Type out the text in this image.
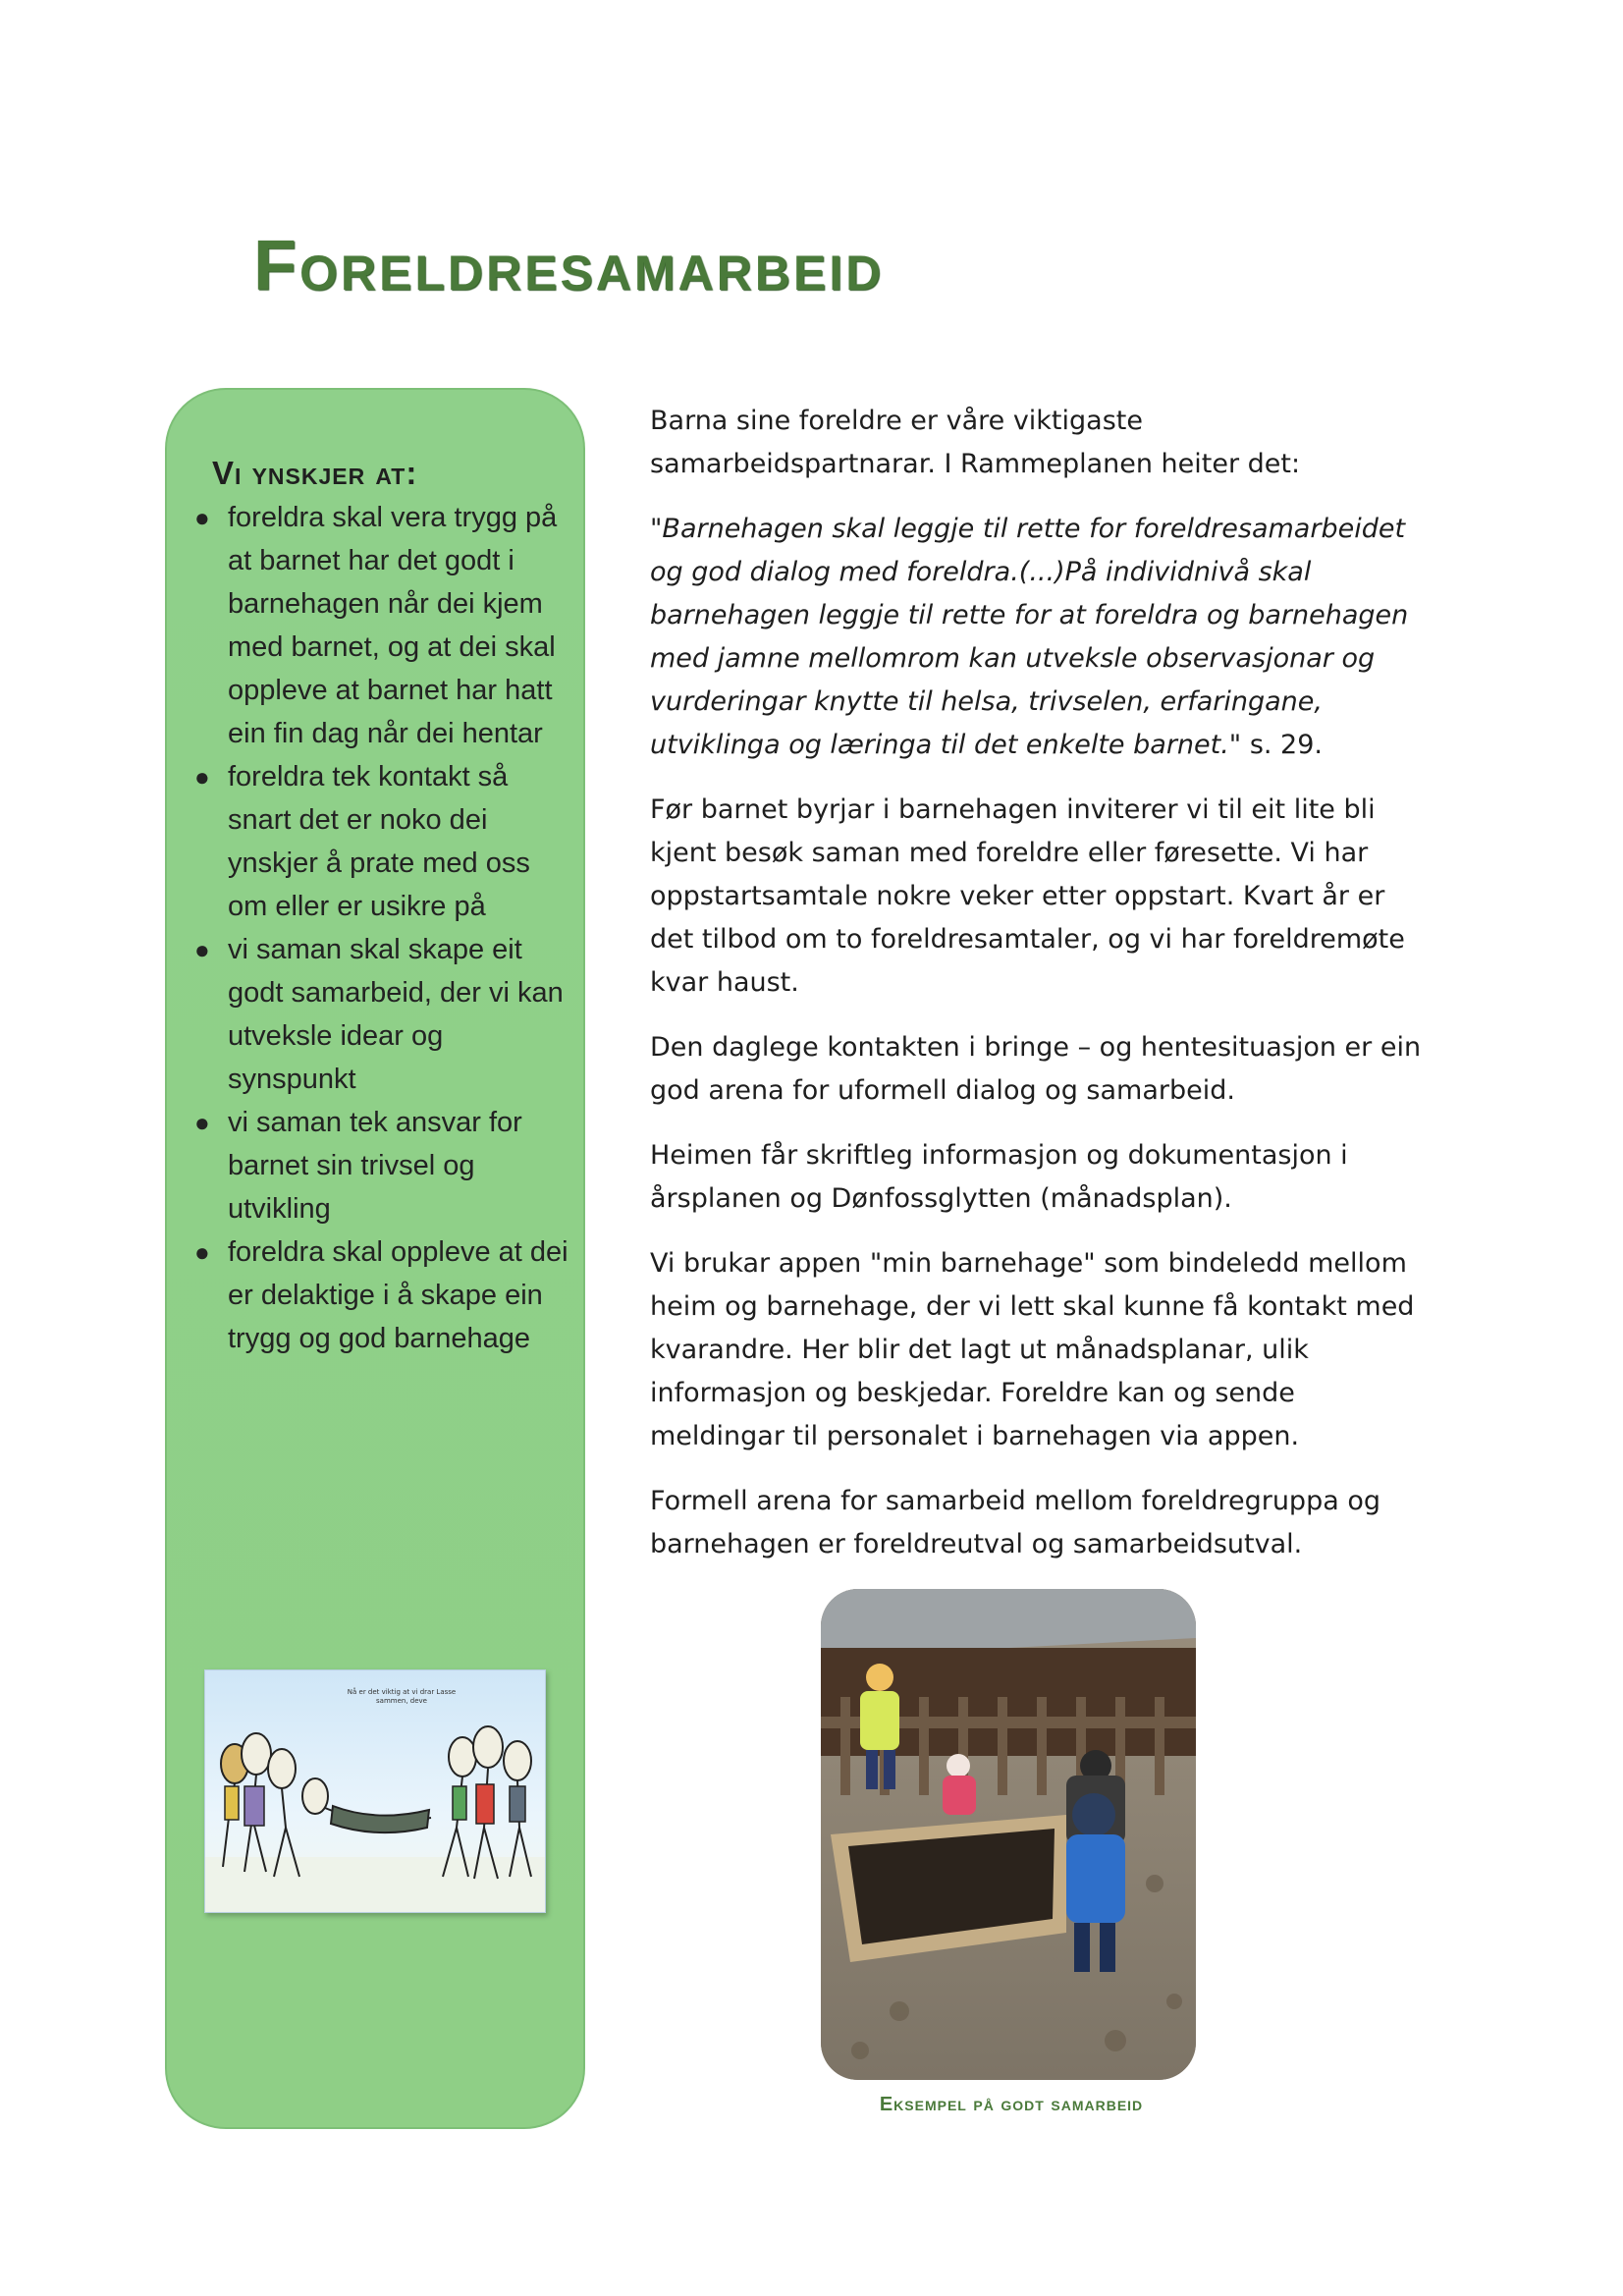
Foreldresamarbeid
Vi ynskjer at:
● foreldra skal vera trygg på at barnet har det godt i barnehagen når dei kjem med barnet, og at dei skal oppleve at barnet har hatt ein fin dag når dei hentar
● foreldra tek kontakt så snart det er noko dei ynskjer å prate med oss om eller er usikre på
● vi saman skal skape eit godt samarbeid, der vi kan utveksle idear og synspunkt
● vi saman tek ansvar for barnet sin trivsel og utvikling
● foreldra skal oppleve at dei er delaktige i å skape ein trygg og god barnehage
Nå er det viktig at vi drar Lasse sammen, deve

Barna sine foreldre er våre viktigaste samarbeidspartnarar. I Rammeplanen heiter det:

"Barnehagen skal leggje til rette for foreldresamarbeidet og god dialog med foreldra.(...)På individnivå skal barnehagen leggje til rette for at foreldra og barnehagen med jamne mellomrom kan utveksle observasjonar og vurderingar knytte til helsa, trivselen, erfaringane, utviklinga og læringa til det enkelte barnet." s. 29.

Før barnet byrjar i barnehagen inviterer vi til eit lite bli kjent besøk saman med foreldre eller føresette. Vi har oppstartsamtale nokre veker etter oppstart. Kvart år er det tilbod om to foreldresamtaler, og vi har foreldremøte kvar haust.

Den daglege kontakten i bringe – og hentesituasjon er ein god arena for uformell dialog og samarbeid.

Heimen får skriftleg informasjon og dokumentasjon i årsplanen og Dønfossglytten (månadsplan).

Vi brukar appen "min barnehage" som bindeledd mellom heim og barnehage, der vi lett skal kunne få kontakt med kvarandre. Her blir det lagt ut månadsplanar, ulik informasjon og beskjedar. Foreldre kan og sende meldingar til personalet i barnehagen via appen.

Formell arena for samarbeid mellom foreldregruppa og barnehagen er foreldreutval og samarbeidsutval.

Eksempel på godt samarbeid
